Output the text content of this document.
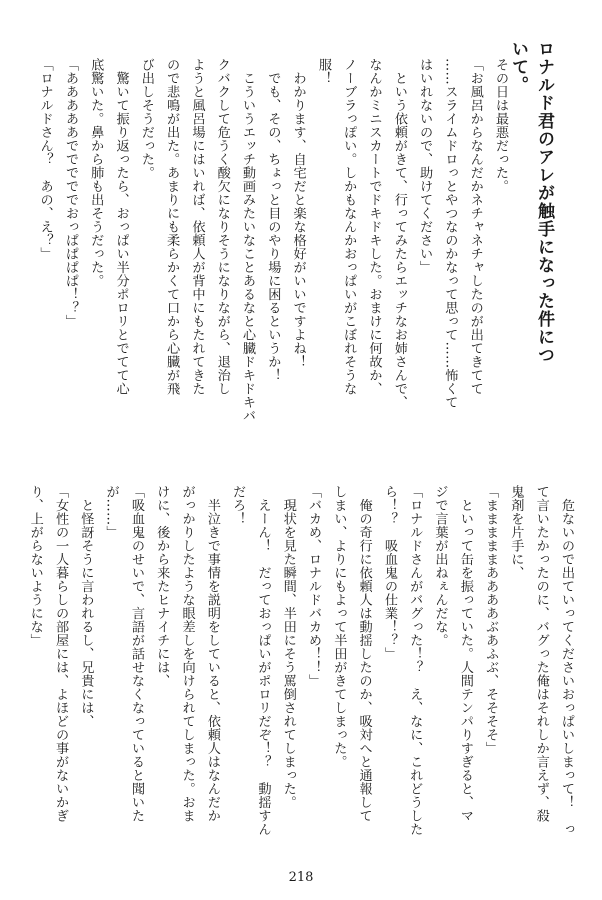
ロナルド君のアレが触手になった件について。

その日は最悪だった。

「お風呂からなんだかネチャネチャしたのが出てきてて

……スライムドロっとやつなのかなって思って……怖くて

はいれないので、助けてください」

　という依頼がきて、行ってみたらエッチなお姉さんで、

なんかミニスカートでドキドキした。おまけに何故か、

ノーブラっぽい。しかもなんかおっぱいがこぼれそうな

服！

　わかります、自宅だと楽な格好がいいですよね！

　でも、その、ちょっと目のやり場に困るというか！

　こういうエッチ動画みたいなことあるなと心臓ドキドキバ

クバクして危うく酸欠になりそうになりながら、退治し

ようと風呂場にはいれば、依頼人が背中にもたれてきた

ので悲鳴が出た。あまりにも柔らかくて口から心臓が飛

び出しそうだった。

　驚いて振り返ったら、おっぱい半分ポロリとでてて心

底驚いた。鼻から肺も出そうだった。

「あああああでででででおっぱぱぱぱ！？」

「ロナルドさん？　あの、え？」

　危ないので出ていってくださいおっぱいしまって！　っ

て言いたかったのに、バグった俺はそれしか言えず、殺

鬼剤を片手に、

「まままままああああぶあふぶ、そそそそ」

　といって缶を振っていた。人間テンパりすぎると、マ

ジで言葉が出ねぇんだな。

「ロナルドさんがバグった！？　え、なに、これどうした

ら！？　吸血鬼の仕業！？」

　俺の奇行に依頼人は動揺したのか、吸対へと通報して

しまい、よりにもよって半田がきてしまった。

「バカめ、ロナルドバカめ！！」

　現状を見た瞬間、半田にそう罵倒されてしまった。

　えーん！　だっておっぱいがポロリだぞ！？　動揺すん

だろ！

　半泣きで事情を説明をしていると、依頼人はなんだか

がっかりしたような眼差しを向けられてしまった。おま

けに、後から来たヒナイチには、

「吸血鬼のせいで、言語が話せなくなっていると聞いた

が……」

　と怪訝そうに言われるし、兄貴には、

「女性の一人暮らしの部屋には、よほどの事がないかぎ

り、上がらないようにな」

218
